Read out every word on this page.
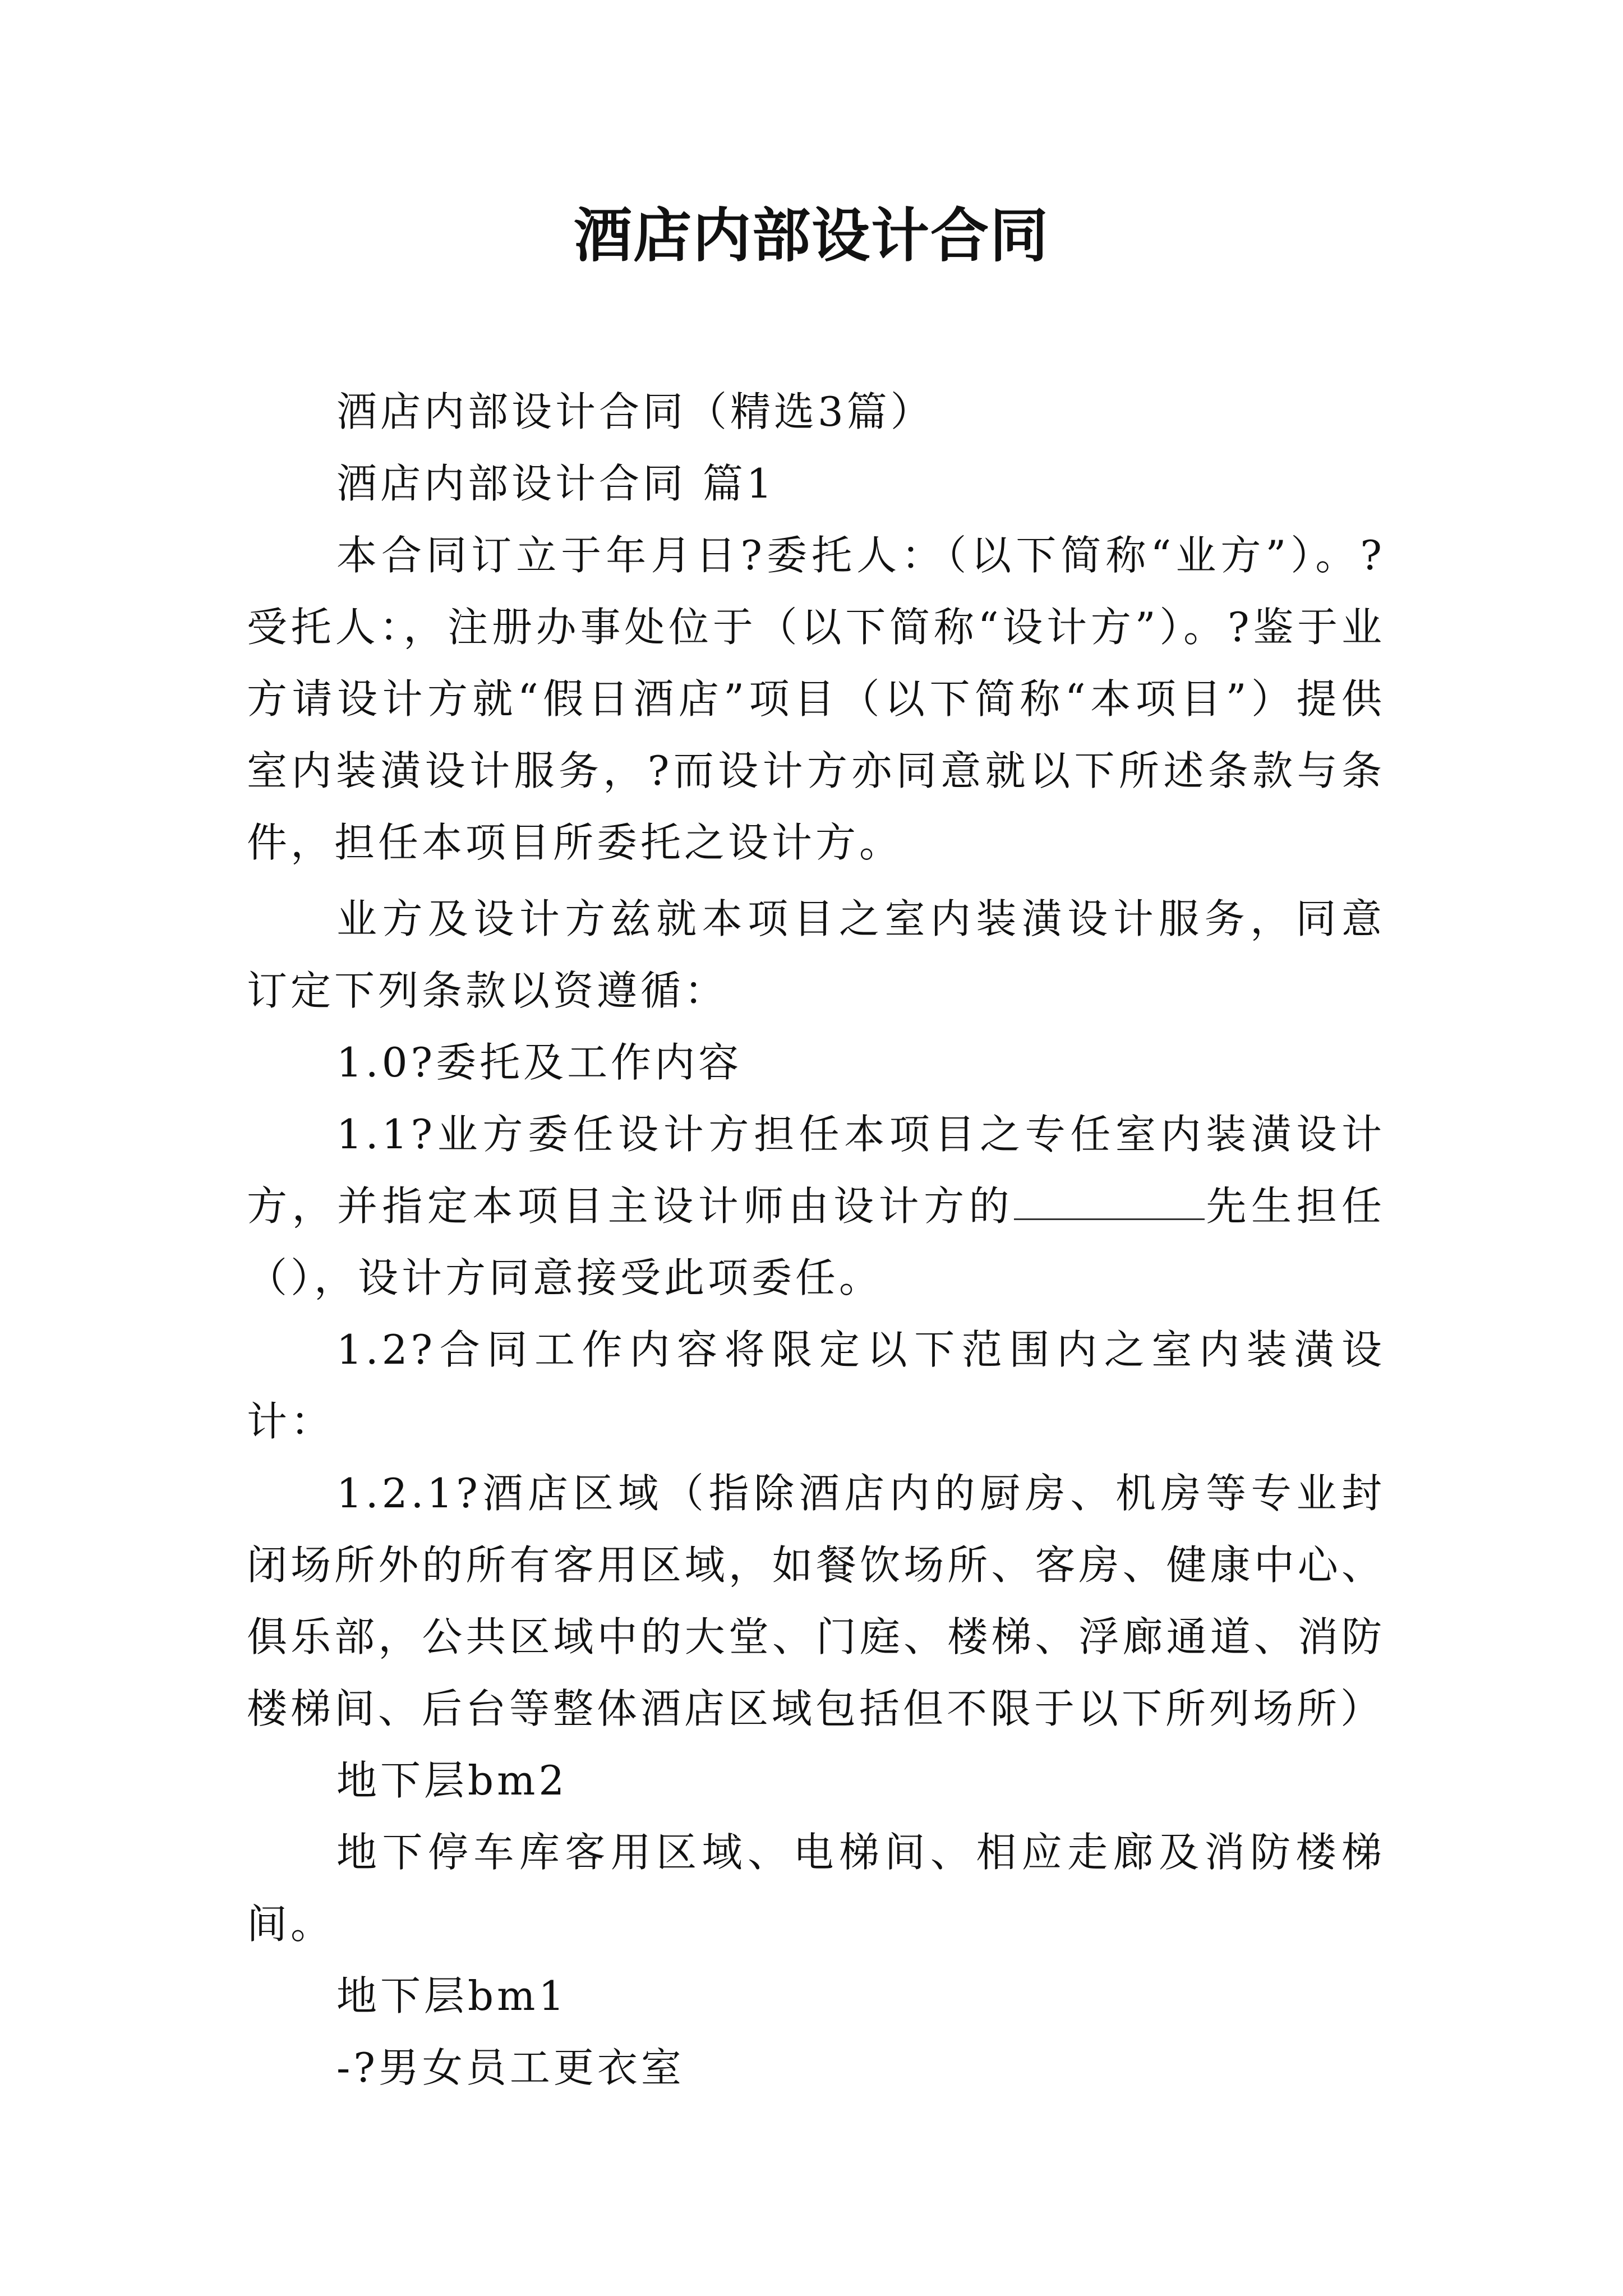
酒店内部设计合同

酒店内部设计合同（精选3篇）

酒店内部设计合同 篇1

本合同订立于年月日?委托人：（以下简称“业方”）。?受托人：，注册办事处位于（以下简称“设计方”）。?鉴于业方请设计方就“假日酒店”项目（以下简称“本项目”）提供室内装潢设计服务，?而设计方亦同意就以下所述条款与条件，担任本项目所委托之设计方。

业方及设计方兹就本项目之室内装潢设计服务，同意订定下列条款以资遵循：

1.0?委托及工作内容

1.1?业方委任设计方担任本项目之专任室内装潢设计方，并指定本项目主设计师由设计方的	先生担任（），设计方同意接受此项委任。

1.2?合同工作内容将限定以下范围内之室内装潢设计：

1.2.1?酒店区域（指除酒店内的厨房、机房等专业封闭场所外的所有客用区域，如餐饮场所、客房、健康中心、俱乐部，公共区域中的大堂、门庭、楼梯、浮廊通道、消防楼梯间、后台等整体酒店区域包括但不限于以下所列场所）

地下层bm2

地下停车库客用区域、电梯间、相应走廊及消防楼梯间。

地下层bm1

-?男女员工更衣室
